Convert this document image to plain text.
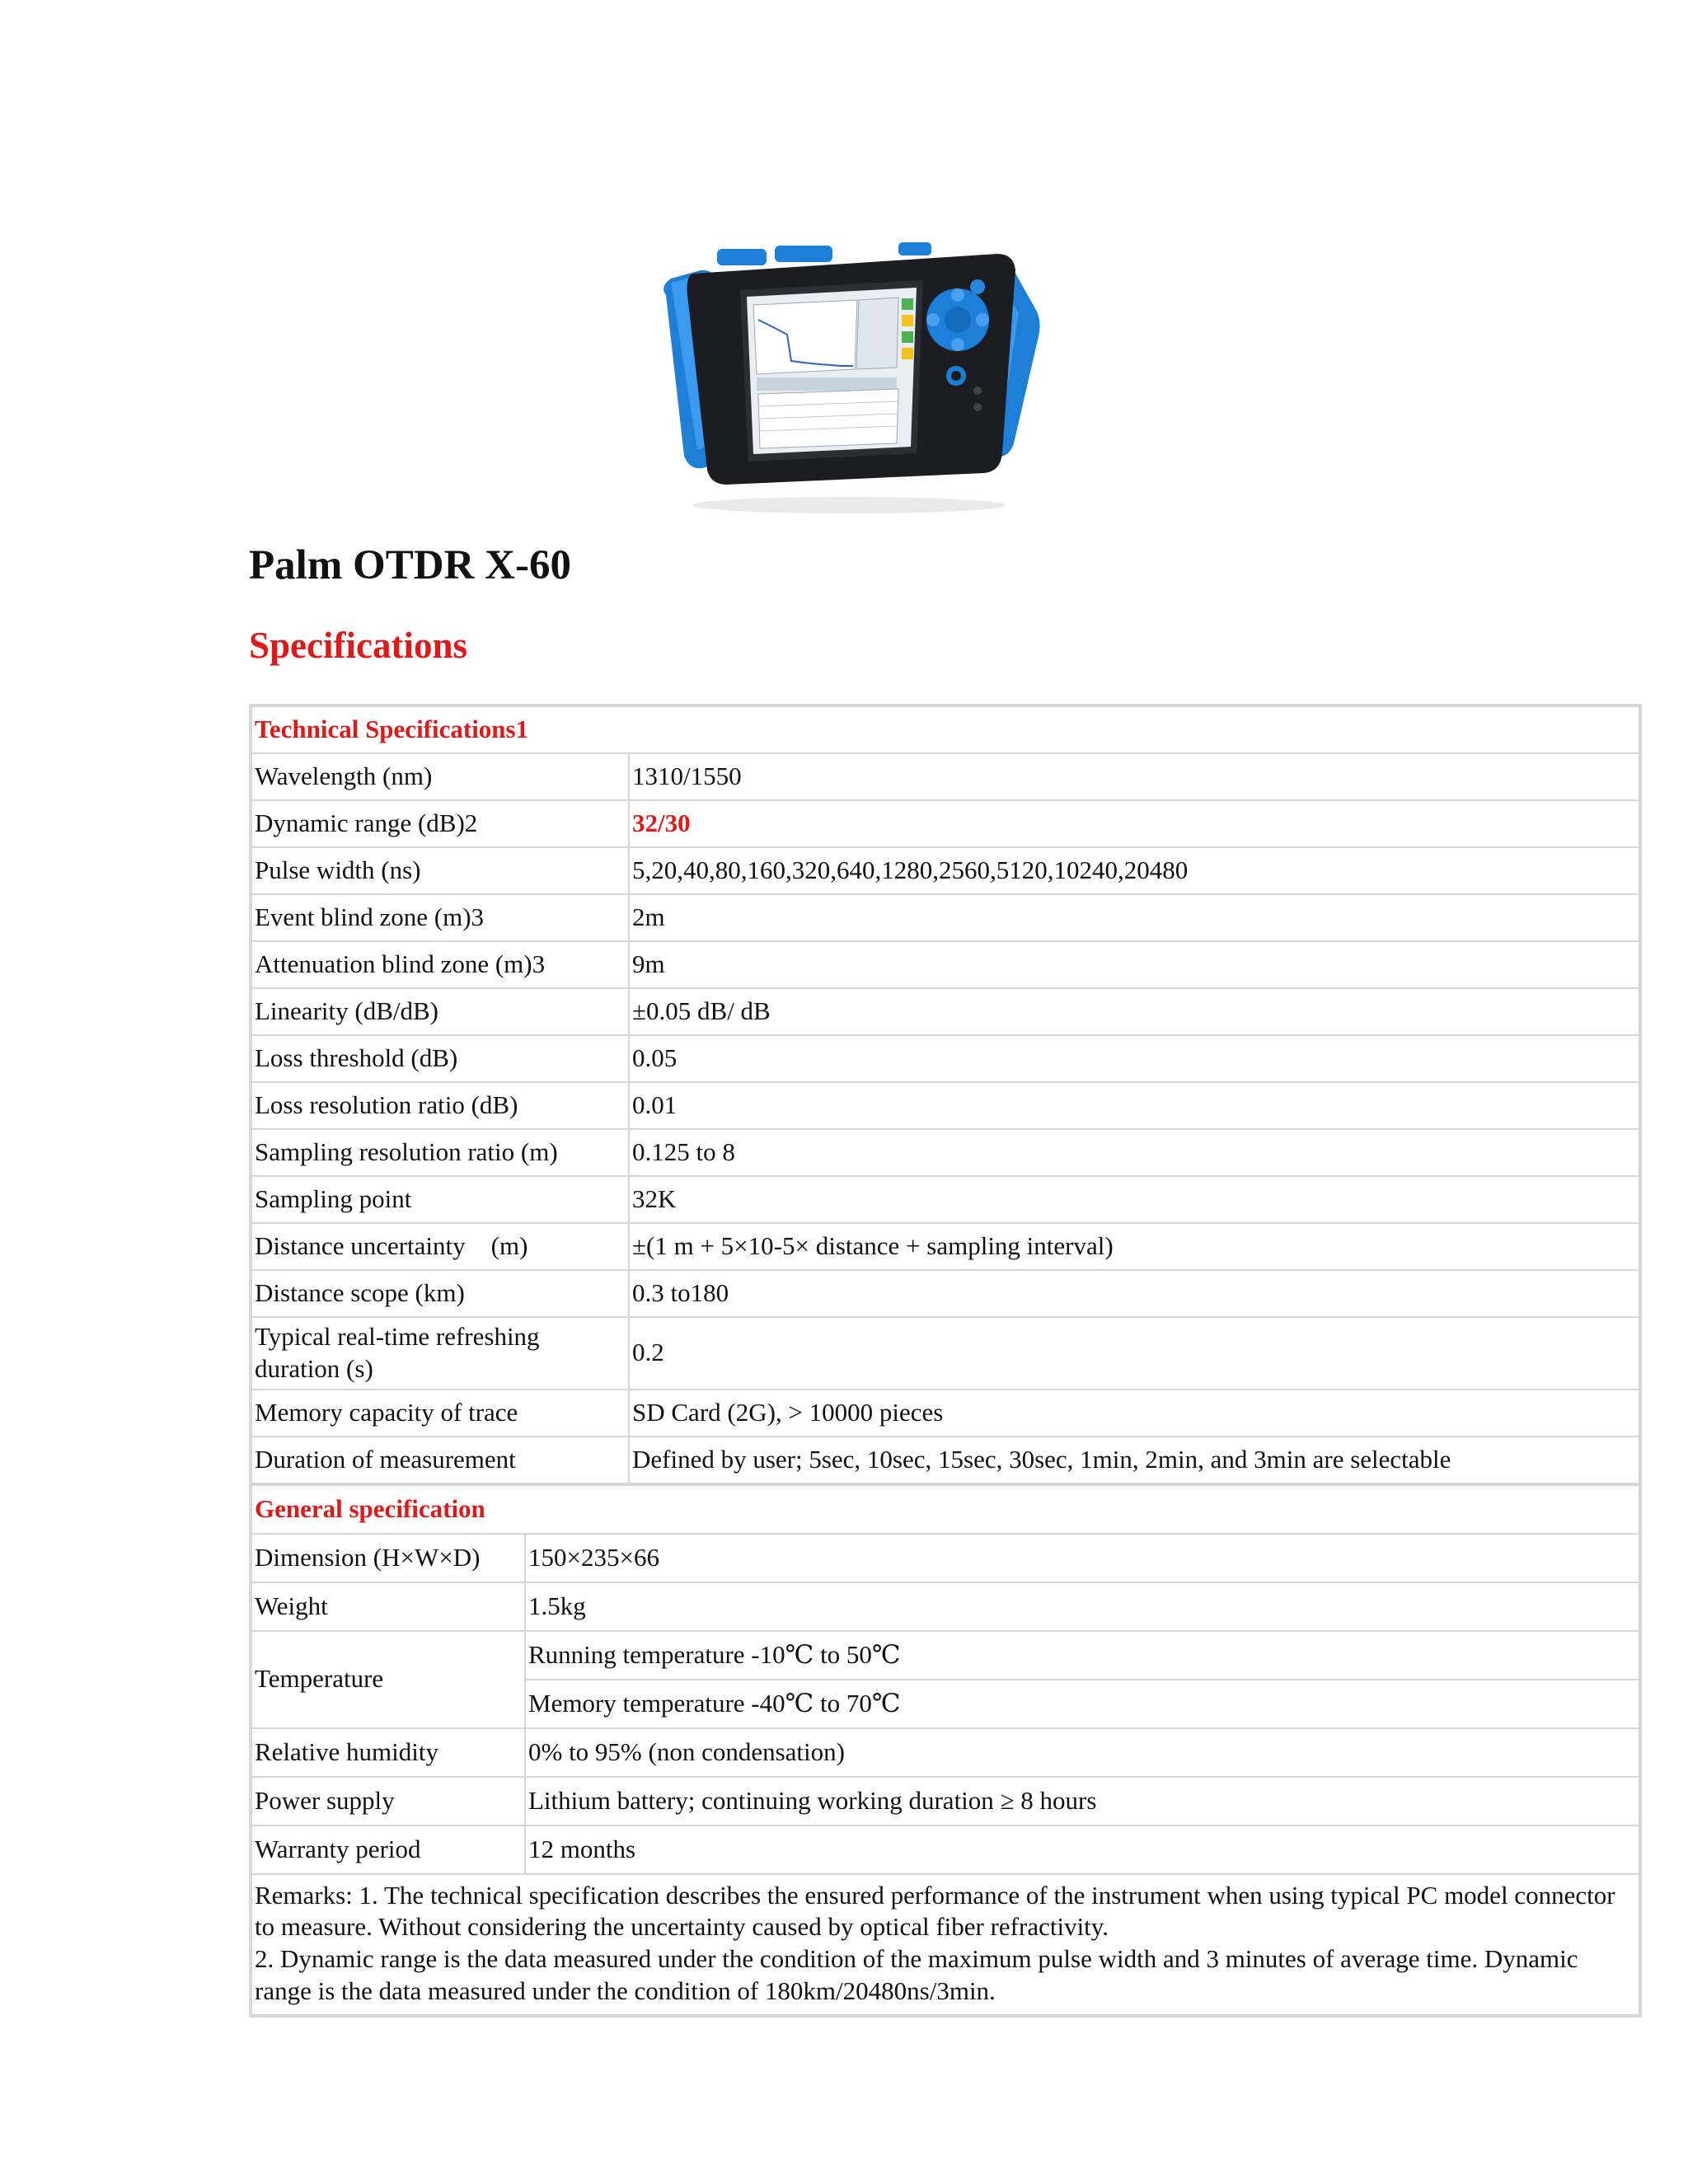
Palm OTDR X-60
Specifications
Technical Specifications1	
Wavelength (nm)	1310/1550
Dynamic range (dB)2	32/30
Pulse width (ns)	5,20,40,80,160,320,640,1280,2560,5120,10240,20480
Event blind zone (m)3	2m
Attenuation blind zone (m)3	9m
Linearity (dB/dB)	±0.05 dB/ dB
Loss threshold (dB)	0.05
Loss resolution ratio (dB)	0.01
Sampling resolution ratio (m)	0.125 to 8
Sampling point	32K
Distance uncertainty    (m)	±(1 m + 5×10-5× distance + sampling interval)
Distance scope (km)	0.3 to180
Typical real-time refreshing duration (s)	0.2
Memory capacity of trace	SD Card (2G), > 10000 pieces
Duration of measurement	Defined by user; 5sec, 10sec, 15sec, 30sec, 1min, 2min, and 3min are selectable
General specification	
Dimension (H×W×D)	150×235×66
Weight	1.5kg
Temperature	Running temperature -10℃ to 50℃
	Memory temperature -40℃ to 70℃
Relative humidity	0% to 95% (non condensation)
Power supply	Lithium battery; continuing working duration ≥ 8 hours
Warranty period	12 months

Remarks: 1. The technical specification describes the ensured performance of the instrument when using typical PC model connector to measure. Without considering the uncertainty caused by optical fiber refractivity.
2. Dynamic range is the data measured under the condition of the maximum pulse width and 3 minutes of average time. Dynamic range is the data measured under the condition of 180km/20480ns/3min.	
